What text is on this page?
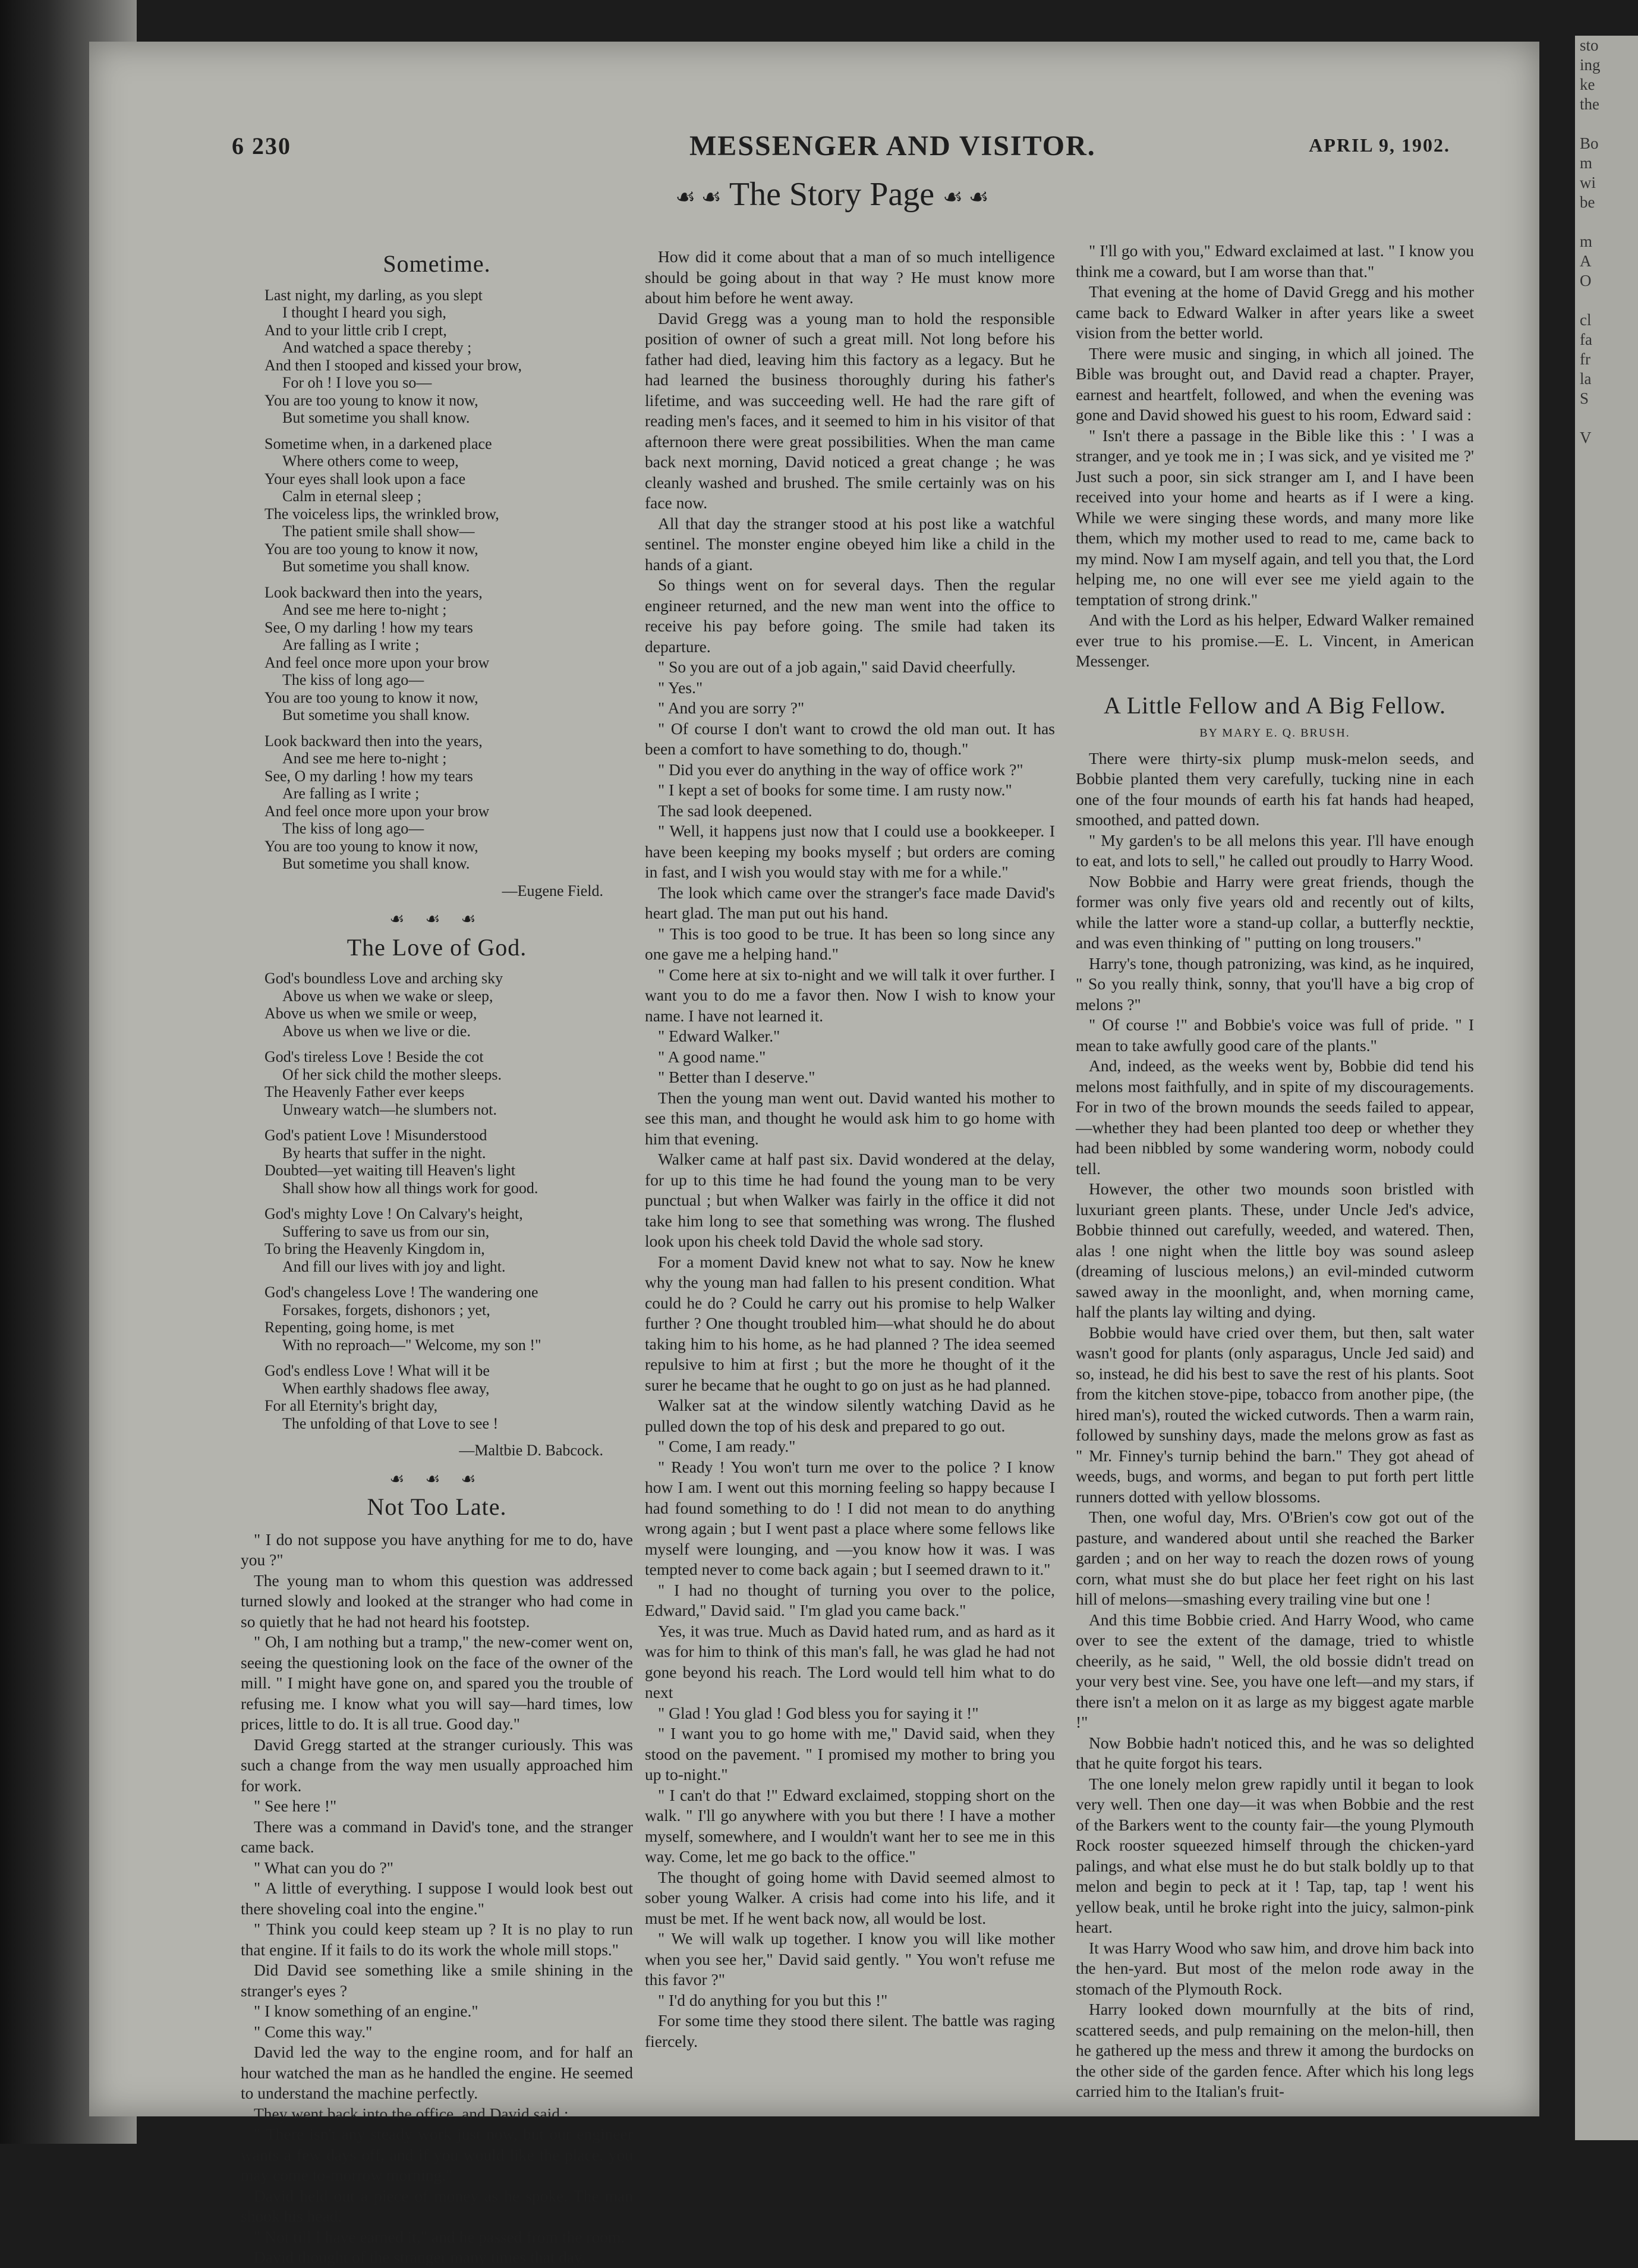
sto
ing
ke
the

Bo
m
wi
be

m
A
O

cl
fa
fr
la
S

V
6 230	MESSENGER AND VISITOR.	APRIL 9, 1902.
☙ ☙ The Story Page ☙ ☙
Sometime.
Last night, my darling, as you slept
I thought I heard you sigh,
And to your little crib I crept,
And watched a space thereby ;
And then I stooped and kissed your brow,
For oh ! I love you so—
You are too young to know it now,
But sometime you shall know.
Sometime when, in a darkened place
Where others come to weep,
Your eyes shall look upon a face
Calm in eternal sleep ;
The voiceless lips, the wrinkled brow,
The patient smile shall show—
You are too young to know it now,
But sometime you shall know.
Look backward then into the years,
And see me here to-night ;
See, O my darling ! how my tears
Are falling as I write ;
And feel once more upon your brow
The kiss of long ago—
You are too young to know it now,
But sometime you shall know.
Look backward then into the years,
And see me here to-night ;
See, O my darling ! how my tears
Are falling as I write ;
And feel once more upon your brow
The kiss of long ago—
You are too young to know it now,
But sometime you shall know.
—Eugene Field.
☙ ☙ ☙
The Love of God.
God's boundless Love and arching sky
Above us when we wake or sleep,
Above us when we smile or weep,
Above us when we live or die.
God's tireless Love ! Beside the cot
Of her sick child the mother sleeps.
The Heavenly Father ever keeps
Unweary watch—he slumbers not.
God's patient Love ! Misunderstood
By hearts that suffer in the night.
Doubted—yet waiting till Heaven's light
Shall show how all things work for good.
God's mighty Love ! On Calvary's height,
Suffering to save us from our sin,
To bring the Heavenly Kingdom in,
And fill our lives with joy and light.
God's changeless Love ! The wandering one
Forsakes, forgets, dishonors ; yet,
Repenting, going home, is met
With no reproach—" Welcome, my son !"
God's endless Love ! What will it be
When earthly shadows flee away,
For all Eternity's bright day,
The unfolding of that Love to see !
—Maltbie D. Babcock.
☙ ☙ ☙
Not Too Late.

" I do not suppose you have anything for me to do, have you ?"

The young man to whom this question was addressed turned slowly and looked at the stranger who had come in so quietly that he had not heard his footstep.

" Oh, I am nothing but a tramp," the new-comer went on, seeing the questioning look on the face of the owner of the mill. " I might have gone on, and spared you the trouble of refusing me. I know what you will say—hard times, low prices, little to do. It is all true. Good day."

David Gregg started at the stranger curiously. This was such a change from the way men usually approached him for work.

" See here !"

There was a command in David's tone, and the stranger came back.

" What can you do ?"

" A little of everything. I suppose I would look best out there shoveling coal into the engine."

" Think you could keep steam up ? It is no play to run that engine. If it fails to do its work the whole mill stops."

Did David see something like a smile shining in the stranger's eyes ?

" I know something of an engine."

" Come this way."

David led the way to the engine room, and for half an hour watched the man as he handled the engine. He seemed to understand the machine perfectly.

They went back into the office, and David said :

" There isn't any steady work just now, but our engineer wants a few days off, and if you would like the place, you may come to-morrow morning."

David held out a piece of money as he spoke. The man shook his head.

" Not till I have earned it," and he passed from the room.

David thought of the stranger many times that day.

How did it come about that a man of so much intelligence should be going about in that way ? He must know more about him before he went away.

David Gregg was a young man to hold the responsible position of owner of such a great mill. Not long before his father had died, leaving him this factory as a legacy. But he had learned the business thoroughly during his father's lifetime, and was succeeding well. He had the rare gift of reading men's faces, and it seemed to him in his visitor of that afternoon there were great possibilities. When the man came back next morning, David noticed a great change ; he was cleanly washed and brushed. The smile certainly was on his face now.

All that day the stranger stood at his post like a watchful sentinel. The monster engine obeyed him like a child in the hands of a giant.

So things went on for several days. Then the regular engineer returned, and the new man went into the office to receive his pay before going. The smile had taken its departure.

" So you are out of a job again," said David cheerfully.

" Yes."

" And you are sorry ?"

" Of course I don't want to crowd the old man out. It has been a comfort to have something to do, though."

" Did you ever do anything in the way of office work ?"

" I kept a set of books for some time. I am rusty now."

The sad look deepened.

" Well, it happens just now that I could use a bookkeeper. I have been keeping my books myself ; but orders are coming in fast, and I wish you would stay with me for a while."

The look which came over the stranger's face made David's heart glad. The man put out his hand.

" This is too good to be true. It has been so long since any one gave me a helping hand."

" Come here at six to-night and we will talk it over further. I want you to do me a favor then. Now I wish to know your name. I have not learned it.

" Edward Walker."

" A good name."

" Better than I deserve."

Then the young man went out. David wanted his mother to see this man, and thought he would ask him to go home with him that evening.

Walker came at half past six. David wondered at the delay, for up to this time he had found the young man to be very punctual ; but when Walker was fairly in the office it did not take him long to see that something was wrong. The flushed look upon his cheek told David the whole sad story.

For a moment David knew not what to say. Now he knew why the young man had fallen to his present condition. What could he do ? Could he carry out his promise to help Walker further ? One thought troubled him—what should he do about taking him to his home, as he had planned ? The idea seemed repulsive to him at first ; but the more he thought of it the surer he became that he ought to go on just as he had planned.

Walker sat at the window silently watching David as he pulled down the top of his desk and prepared to go out.

" Come, I am ready."

" Ready ! You won't turn me over to the police ? I know how I am. I went out this morning feeling so happy because I had found something to do ! I did not mean to do anything wrong again ; but I went past a place where some fellows like myself were lounging, and —you know how it was. I was tempted never to come back again ; but I seemed drawn to it."

" I had no thought of turning you over to the police, Edward," David said. " I'm glad you came back."

Yes, it was true. Much as David hated rum, and as hard as it was for him to think of this man's fall, he was glad he had not gone beyond his reach. The Lord would tell him what to do next

" Glad ! You glad ! God bless you for saying it !"

" I want you to go home with me," David said, when they stood on the pavement. " I promised my mother to bring you up to-night."

" I can't do that !" Edward exclaimed, stopping short on the walk. " I'll go anywhere with you but there ! I have a mother myself, somewhere, and I wouldn't want her to see me in this way. Come, let me go back to the office."

The thought of going home with David seemed almost to sober young Walker. A crisis had come into his life, and it must be met. If he went back now, all would be lost.

" We will walk up together. I know you will like mother when you see her," David said gently. " You won't refuse me this favor ?"

" I'd do anything for you but this !"

For some time they stood there silent. The battle was raging fiercely.

" I'll go with you," Edward exclaimed at last. " I know you think me a coward, but I am worse than that."

That evening at the home of David Gregg and his mother came back to Edward Walker in after years like a sweet vision from the better world.

There were music and singing, in which all joined. The Bible was brought out, and David read a chapter. Prayer, earnest and heartfelt, followed, and when the evening was gone and David showed his guest to his room, Edward said :

" Isn't there a passage in the Bible like this : ' I was a stranger, and ye took me in ; I was sick, and ye visited me ?' Just such a poor, sin sick stranger am I, and I have been received into your home and hearts as if I were a king. While we were singing these words, and many more like them, which my mother used to read to me, came back to my mind. Now I am myself again, and tell you that, the Lord helping me, no one will ever see me yield again to the temptation of strong drink."

And with the Lord as his helper, Edward Walker remained ever true to his promise.—E. L. Vincent, in American Messenger.

A Little Fellow and A Big Fellow.
BY MARY E. Q. BRUSH.

There were thirty-six plump musk-melon seeds, and Bobbie planted them very carefully, tucking nine in each one of the four mounds of earth his fat hands had heaped, smoothed, and patted down.

" My garden's to be all melons this year. I'll have enough to eat, and lots to sell," he called out proudly to Harry Wood.

Now Bobbie and Harry were great friends, though the former was only five years old and recently out of kilts, while the latter wore a stand-up collar, a butterfly necktie, and was even thinking of " putting on long trousers."

Harry's tone, though patronizing, was kind, as he inquired, " So you really think, sonny, that you'll have a big crop of melons ?"

" Of course !" and Bobbie's voice was full of pride. " I mean to take awfully good care of the plants."

And, indeed, as the weeks went by, Bobbie did tend his melons most faithfully, and in spite of my discouragements. For in two of the brown mounds the seeds failed to appear,—whether they had been planted too deep or whether they had been nibbled by some wandering worm, nobody could tell.

However, the other two mounds soon bristled with luxuriant green plants. These, under Uncle Jed's advice, Bobbie thinned out carefully, weeded, and watered. Then, alas ! one night when the little boy was sound asleep (dreaming of luscious melons,) an evil-minded cutworm sawed away in the moonlight, and, when morning came, half the plants lay wilting and dying.

Bobbie would have cried over them, but then, salt water wasn't good for plants (only asparagus, Uncle Jed said) and so, instead, he did his best to save the rest of his plants. Soot from the kitchen stove-pipe, tobacco from another pipe, (the hired man's), routed the wicked cutwords. Then a warm rain, followed by sunshiny days, made the melons grow as fast as " Mr. Finney's turnip behind the barn." They got ahead of weeds, bugs, and worms, and began to put forth pert little runners dotted with yellow blossoms.

Then, one woful day, Mrs. O'Brien's cow got out of the pasture, and wandered about until she reached the Barker garden ; and on her way to reach the dozen rows of young corn, what must she do but place her feet right on his last hill of melons—smashing every trailing vine but one !

And this time Bobbie cried. And Harry Wood, who came over to see the extent of the damage, tried to whistle cheerily, as he said, " Well, the old bossie didn't tread on your very best vine. See, you have one left—and my stars, if there isn't a melon on it as large as my biggest agate marble !"

Now Bobbie hadn't noticed this, and he was so delighted that he quite forgot his tears.

The one lonely melon grew rapidly until it began to look very well. Then one day—it was when Bobbie and the rest of the Barkers went to the county fair—the young Plymouth Rock rooster squeezed himself through the chicken-yard palings, and what else must he do but stalk boldly up to that melon and begin to peck at it ! Tap, tap, tap ! went his yellow beak, until he broke right into the juicy, salmon-pink heart.

It was Harry Wood who saw him, and drove him back into the hen-yard. But most of the melon rode away in the stomach of the Plymouth Rock.

Harry looked down mournfully at the bits of rind, scattered seeds, and pulp remaining on the melon-hill, then he gathered up the mess and threw it among the burdocks on the other side of the garden fence. After which his long legs carried him to the Italian's fruit-
